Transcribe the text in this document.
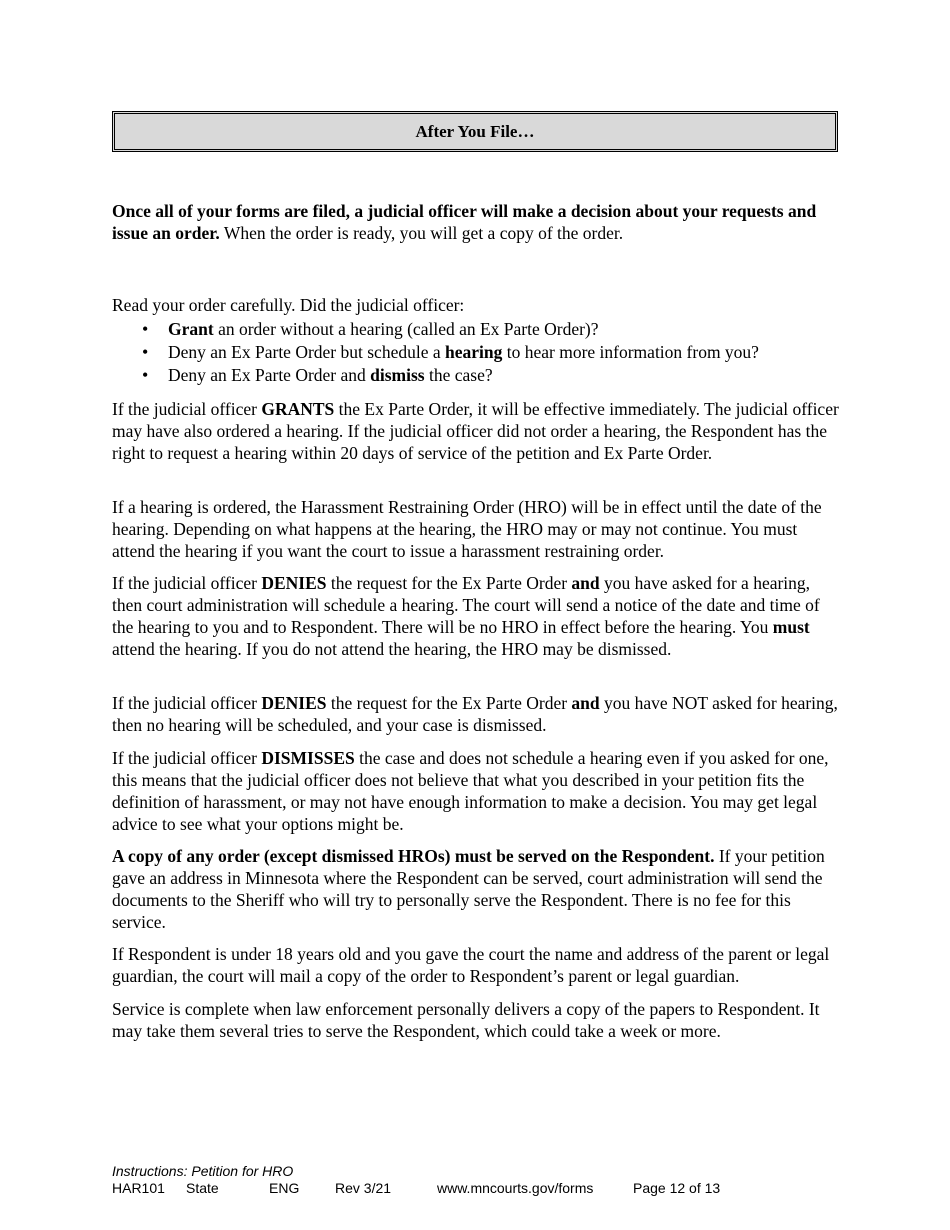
After You File…

Once all of your forms are filed, a judicial officer will make a decision about your requests and issue an order. When the order is ready, you will get a copy of the order.

Read your order carefully. Did the judicial officer:

• Grant an order without a hearing (called an Ex Parte Order)?
• Deny an Ex Parte Order but schedule a hearing to hear more information from you?
• Deny an Ex Parte Order and dismiss the case?

If the judicial officer GRANTS the Ex Parte Order, it will be effective immediately. The judicial officer may have also ordered a hearing. If the judicial officer did not order a hearing, the Respondent has the right to request a hearing within 20 days of service of the petition and Ex Parte Order.

If a hearing is ordered, the Harassment Restraining Order (HRO) will be in effect until the date of the hearing. Depending on what happens at the hearing, the HRO may or may not continue. You must attend the hearing if you want the court to issue a harassment restraining order.

If the judicial officer DENIES the request for the Ex Parte Order and you have asked for a hearing, then court administration will schedule a hearing. The court will send a notice of the date and time of the hearing to you and to Respondent. There will be no HRO in effect before the hearing. You must attend the hearing. If you do not attend the hearing, the HRO may be dismissed.

If the judicial officer DENIES the request for the Ex Parte Order and you have NOT asked for hearing, then no hearing will be scheduled, and your case is dismissed.

If the judicial officer DISMISSES the case and does not schedule a hearing even if you asked for one, this means that the judicial officer does not believe that what you described in your petition fits the definition of harassment, or may not have enough information to make a decision. You may get legal advice to see what your options might be.

A copy of any order (except dismissed HROs) must be served on the Respondent. If your petition gave an address in Minnesota where the Respondent can be served, court administration will send the documents to the Sheriff who will try to personally serve the Respondent. There is no fee for this service.

If Respondent is under 18 years old and you gave the court the name and address of the parent or legal guardian, the court will mail a copy of the order to Respondent’s parent or legal guardian.

Service is complete when law enforcement personally delivers a copy of the papers to Respondent. It may take them several tries to serve the Respondent, which could take a week or more.

Instructions: Petition for HRO
HAR101 State	ENG	Rev 3/21	www.mncourts.gov/forms	Page 12 of 13
